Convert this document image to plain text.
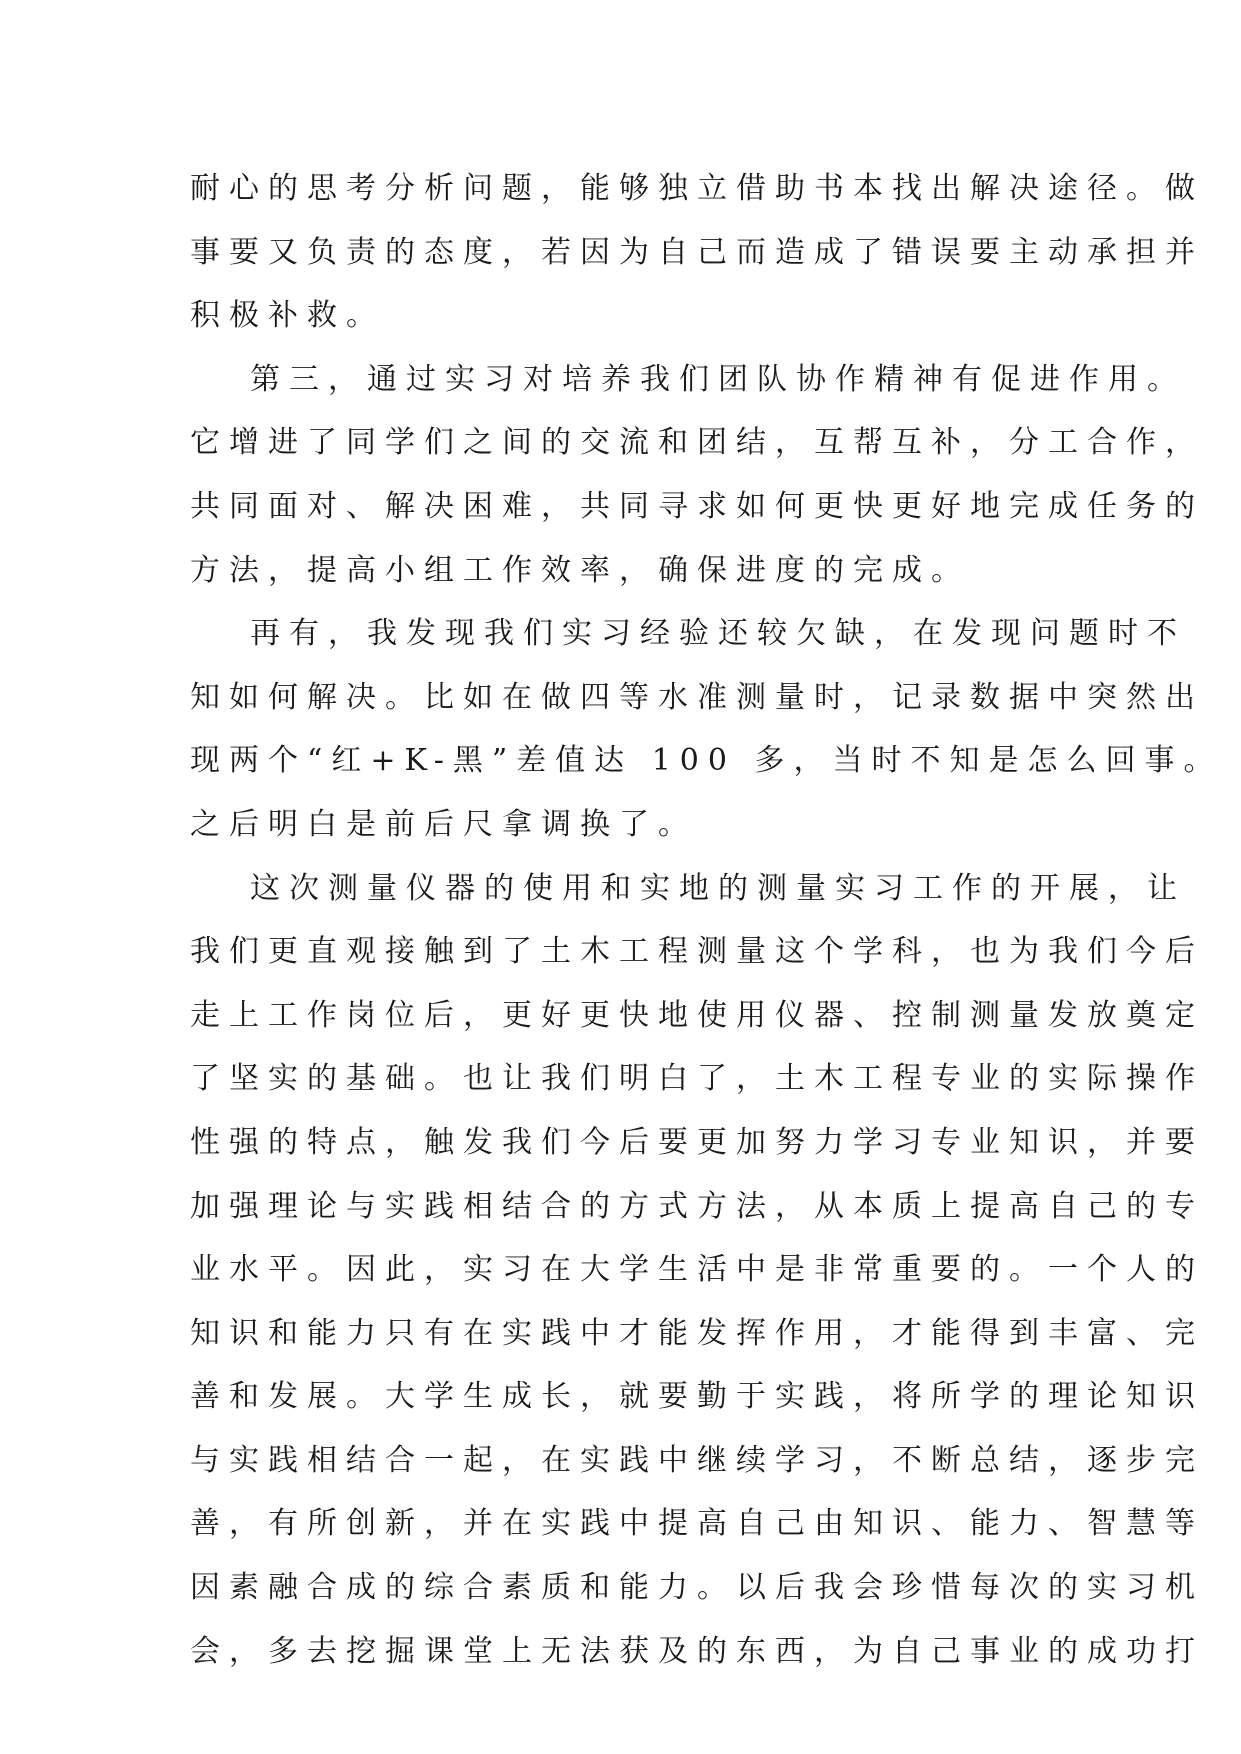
耐心的思考分析问题，能够独立借助书本找出解决途径。做
事要又负责的态度，若因为自己而造成了错误要主动承担并
积极补救。
第三，通过实习对培养我们团队协作精神有促进作用。
它增进了同学们之间的交流和团结，互帮互补，分工合作，
共同面对、解决困难，共同寻求如何更快更好地完成任务的
方法，提高小组工作效率，确保进度的完成。
再有，我发现我们实习经验还较欠缺，在发现问题时不
知如何解决。比如在做四等水准测量时，记录数据中突然出
现两个“红+K-黑”差值达 100 多，当时不知是怎么回事。
之后明白是前后尺拿调换了。
这次测量仪器的使用和实地的测量实习工作的开展，让
我们更直观接触到了土木工程测量这个学科，也为我们今后
走上工作岗位后，更好更快地使用仪器、控制测量发放奠定
了坚实的基础。也让我们明白了，土木工程专业的实际操作
性强的特点，触发我们今后要更加努力学习专业知识，并要
加强理论与实践相结合的方式方法，从本质上提高自己的专
业水平。因此，实习在大学生活中是非常重要的。一个人的
知识和能力只有在实践中才能发挥作用，才能得到丰富、完
善和发展。大学生成长，就要勤于实践，将所学的理论知识
与实践相结合一起，在实践中继续学习，不断总结，逐步完
善，有所创新，并在实践中提高自己由知识、能力、智慧等
因素融合成的综合素质和能力。以后我会珍惜每次的实习机
会，多去挖掘课堂上无法获及的东西，为自己事业的成功打
